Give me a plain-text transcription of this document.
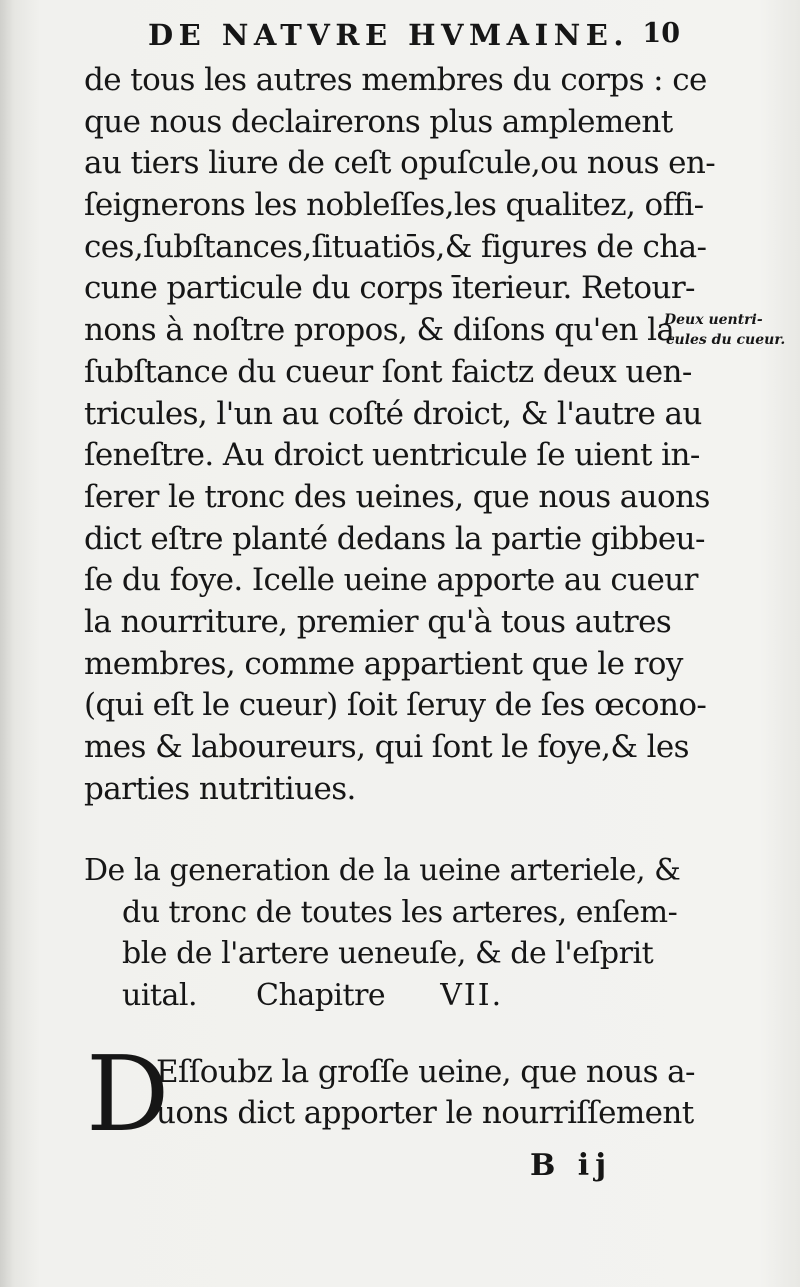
DE NATVRE HVMAINE. 10
de tous les autres membres du corps : ce
que nous declairerons plus amplement
au tiers liure de ceſt opuſcule,ou nous en-
ſeignerons les nobleſſes,les qualitez, offi-
ces,ſubſtances,ſituatiōs,& figures de cha-
cune particule du corps īterieur. Retour-
nons à noſtre propos, & diſons qu'en la
ſubſtance du cueur ſont faictz deux uen-
tricules, l'un au coſté droict, & l'autre au
ſeneſtre. Au droict uentricule ſe uient in-
ſerer le tronc des ueines, que nous auons
dict eſtre planté dedans la partie gibbeu-
ſe du foye. Icelle ueine apporte au cueur
la nourriture, premier qu'à tous autres
membres, comme appartient que le roy
(qui eſt le cueur) ſoit ſeruy de ſes œcono-
mes & laboureurs, qui ſont le foye,& les
parties nutritiues.
Deux uentri-
cules du cueur.
De la generation de la ueine arteriele, &
du tronc de toutes les arteres, enſem-
ble de l'artere ueneuſe, & de l'eſprit
uital. Chapitre VII.
D
Eſſoubz la groſſe ueine, que nous a-
uons dict apporter le nourriſſement
B ij
